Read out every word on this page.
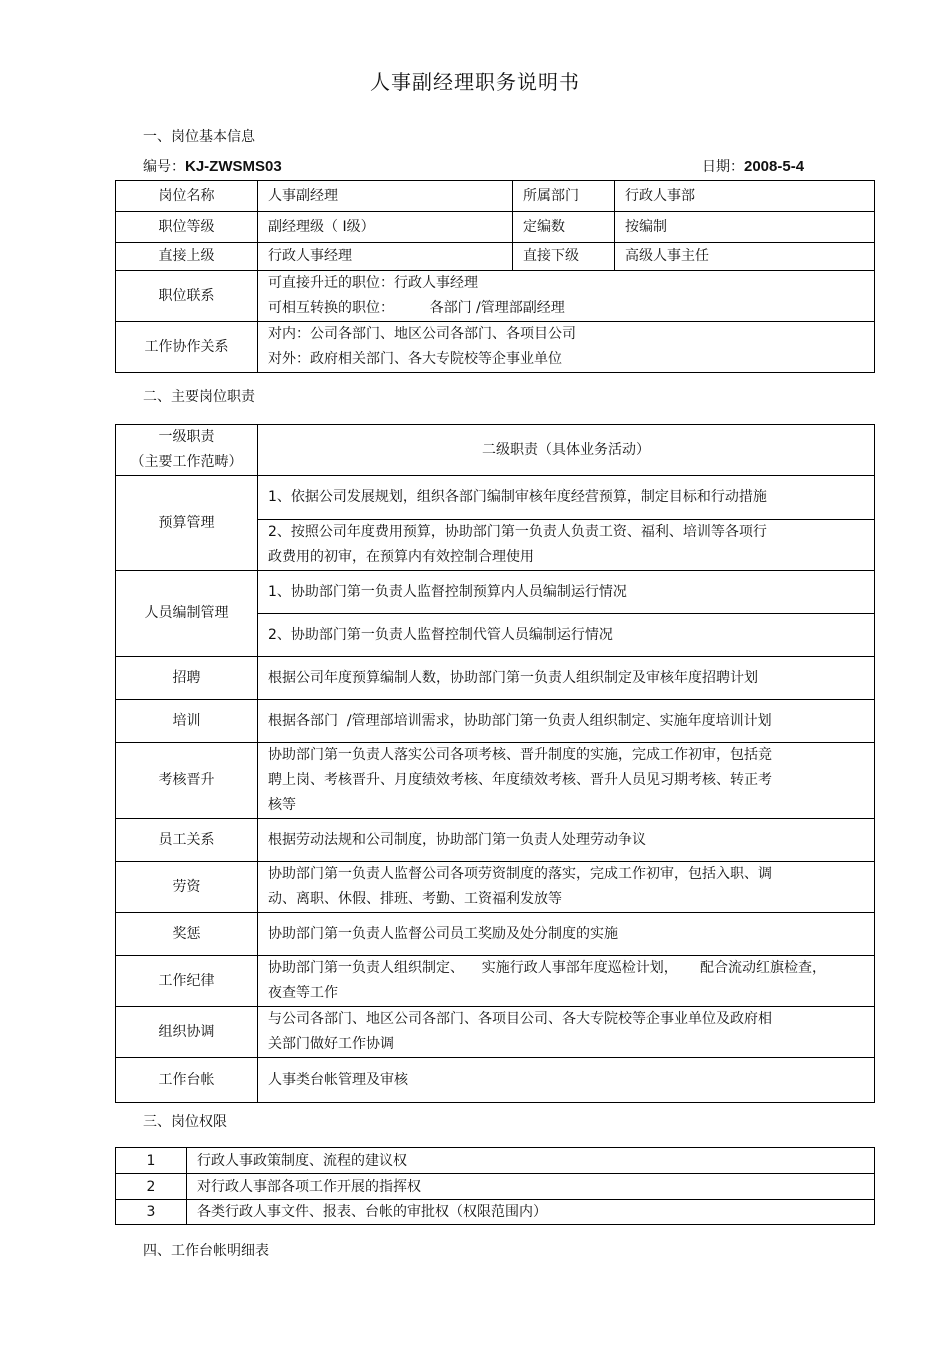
人事副经理职务说明书
一、岗位基本信息
编号：KJ-ZWSMS03	日期：2008-5-4
岗位名称	人事副经理	所属部门	行政人事部
职位等级	副经理级（ Ⅰ级）	定编数	按编制
直接上级	行政人事经理	直接下级	高级人事主任
职位联系	可直接升迁的职位：行政人事经理
可相互转换的职位：        各部门 /管理部副经理		

工作协作关系	对内：公司各部门、地区公司各部门、各项目公司
对外：政府相关部门、各大专院校等企事业单位		
二、主要岗位职责
一级职责
（主要工作范畴）	二级职责（具体业务活动）
预算管理	1、依据公司发展规划，组织各部门编制审核年度经营预算，制定目标和行动措施

	2、按照公司年度费用预算，协助部门第一负责人负责工资、福利、培训等各项行
政费用的初审，在预算内有效控制合理使用

人员编制管理	1、协助部门第一负责人监督控制预算内人员编制运行情况
	2、协助部门第一负责人监督控制代管人员编制运行情况
招聘	根据公司年度预算编制人数，协助部门第一负责人组织制定及审核年度招聘计划
培训	根据各部门  /管理部培训需求，协助部门第一负责人组织制定、实施年度培训计划
考核晋升	协助部门第一负责人落实公司各项考核、晋升制度的实施，完成工作初审，包括竞
聘上岗、考核晋升、月度绩效考核、年度绩效考核、晋升人员见习期考核、转正考
核等

员工关系	根据劳动法规和公司制度，协助部门第一负责人处理劳动争议
劳资	协助部门第一负责人监督公司各项劳资制度的落实，完成工作初审，包括入职、调
动、离职、休假、排班、考勤、工资福利发放等

奖惩	协助部门第一负责人监督公司员工奖励及处分制度的实施
工作纪律	协助部门第一负责人组织制定、    实施行政人事部年度巡检计划，     配合流动红旗检查，
夜查等工作

组织协调	与公司各部门、地区公司各部门、各项目公司、各大专院校等企事业单位及政府相
关部门做好工作协调

工作台帐	人事类台帐管理及审核
三、岗位权限
1	行政人事政策制度、流程的建议权
2	对行政人事部各项工作开展的指挥权
3	各类行政人事文件、报表、台帐的审批权（权限范围内）
四、工作台帐明细表
